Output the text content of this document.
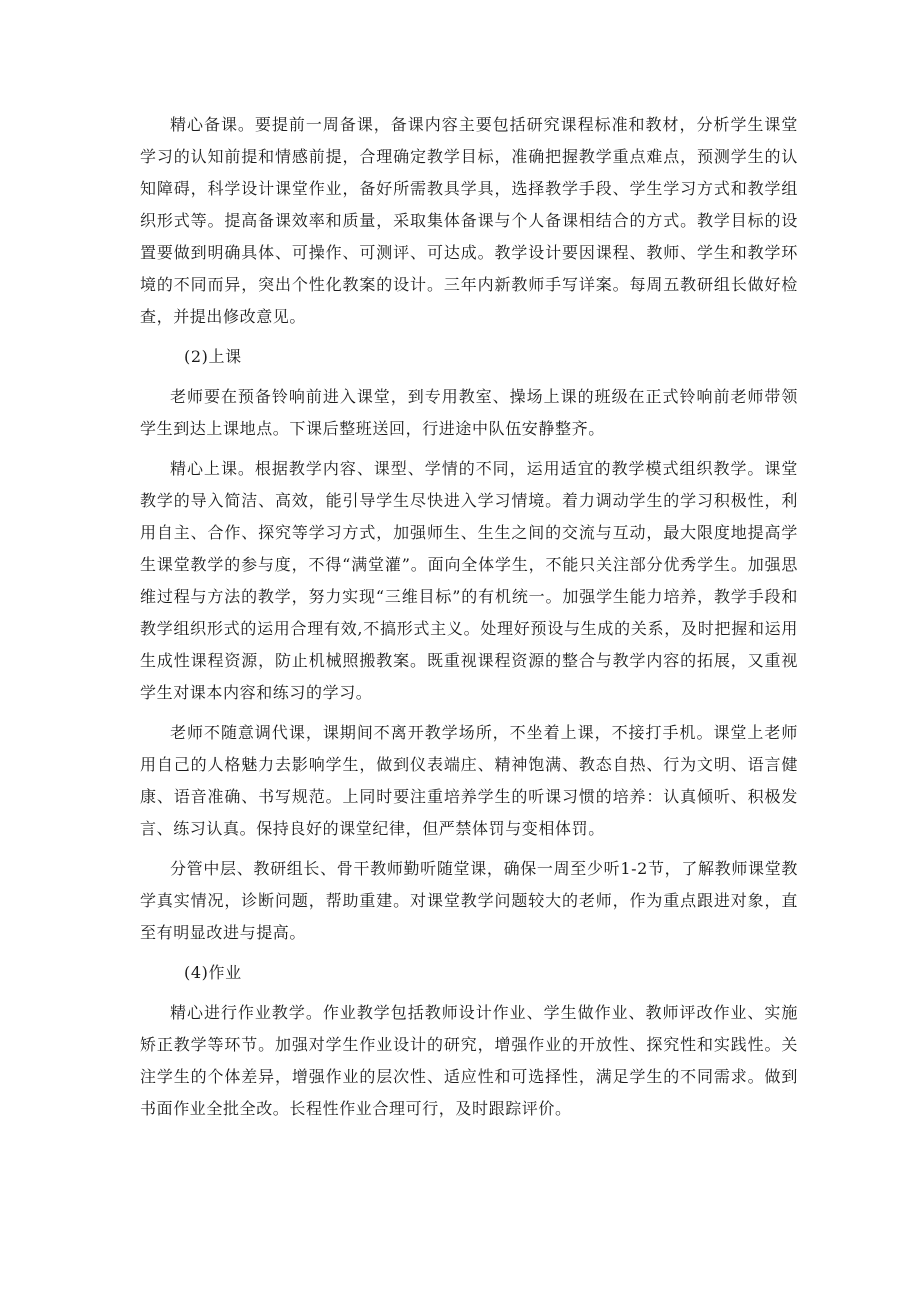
精心备课。要提前一周备课，备课内容主要包括研究课程标准和教材，分析学生课堂学习的认知前提和情感前提，合理确定教学目标，准确把握教学重点难点，预测学生的认知障碍，科学设计课堂作业，备好所需教具学具，选择教学手段、学生学习方式和教学组织形式等。提高备课效率和质量，采取集体备课与个人备课相结合的方式。教学目标的设置要做到明确具体、可操作、可测评、可达成。教学设计要因课程、教师、学生和教学环境的不同而异，突出个性化教案的设计。三年内新教师手写详案。每周五教研组长做好检查，并提出修改意见。

(2)上课

老师要在预备铃响前进入课堂，到专用教室、操场上课的班级在正式铃响前老师带领学生到达上课地点。下课后整班送回，行进途中队伍安静整齐。

精心上课。根据教学内容、课型、学情的不同，运用适宜的教学模式组织教学。课堂教学的导入简洁、高效，能引导学生尽快进入学习情境。着力调动学生的学习积极性，利用自主、合作、探究等学习方式，加强师生、生生之间的交流与互动，最大限度地提高学生课堂教学的参与度，不得“满堂灌”。面向全体学生，不能只关注部分优秀学生。加强思维过程与方法的教学，努力实现“三维目标”的有机统一。加强学生能力培养，教学手段和教学组织形式的运用合理有效,不搞形式主义。处理好预设与生成的关系，及时把握和运用生成性课程资源，防止机械照搬教案。既重视课程资源的整合与教学内容的拓展，又重视学生对课本内容和练习的学习。

老师不随意调代课，课期间不离开教学场所，不坐着上课，不接打手机。课堂上老师用自己的人格魅力去影响学生，做到仪表端庄、精神饱满、教态自热、行为文明、语言健康、语音准确、书写规范。上同时要注重培养学生的听课习惯的培养：认真倾听、积极发言、练习认真。保持良好的课堂纪律，但严禁体罚与变相体罚。

分管中层、教研组长、骨干教师勤听随堂课，确保一周至少听1-2节，了解教师课堂教学真实情况，诊断问题，帮助重建。对课堂教学问题较大的老师，作为重点跟进对象，直至有明显改进与提高。

(4)作业

精心进行作业教学。作业教学包括教师设计作业、学生做作业、教师评改作业、实施矫正教学等环节。加强对学生作业设计的研究，增强作业的开放性、探究性和实践性。关注学生的个体差异，增强作业的层次性、适应性和可选择性，满足学生的不同需求。做到书面作业全批全改。长程性作业合理可行，及时跟踪评价。
